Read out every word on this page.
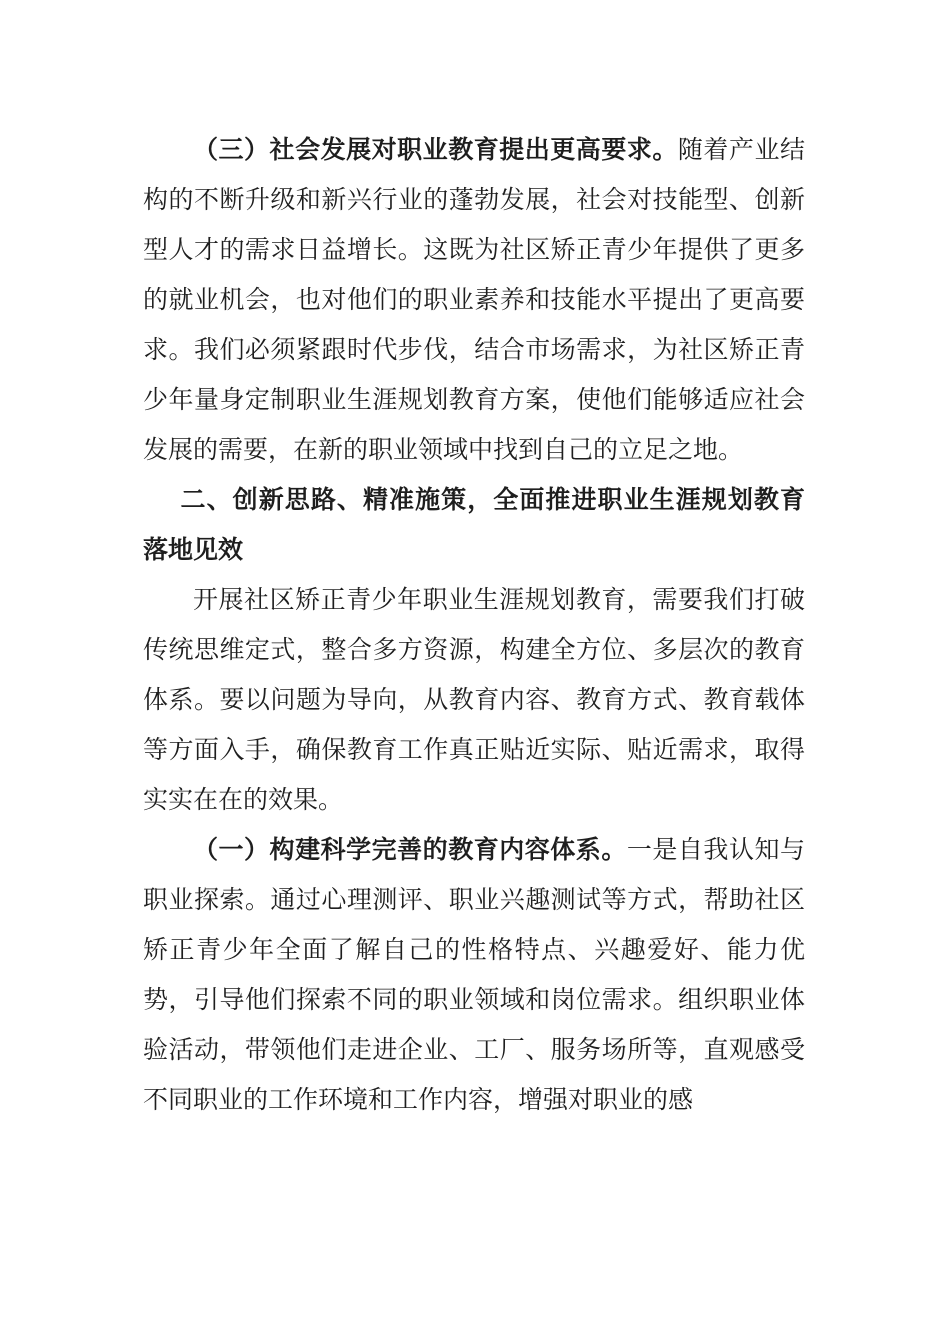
（三）社会发展对职业教育提出更高要求。随着产业结构的不断升级和新兴行业的蓬勃发展，社会对技能型、创新型人才的需求日益增长。这既为社区矫正青少年提供了更多的就业机会，也对他们的职业素养和技能水平提出了更高要求。我们必须紧跟时代步伐，结合市场需求，为社区矫正青少年量身定制职业生涯规划教育方案，使他们能够适应社会发展的需要，在新的职业领域中找到自己的立足之地。

二、创新思路、精准施策，全面推进职业生涯规划教育落地见效

开展社区矫正青少年职业生涯规划教育，需要我们打破传统思维定式，整合多方资源，构建全方位、多层次的教育体系。要以问题为导向，从教育内容、教育方式、教育载体等方面入手，确保教育工作真正贴近实际、贴近需求，取得实实在在的效果。

（一）构建科学完善的教育内容体系。一是自我认知与职业探索。通过心理测评、职业兴趣测试等方式，帮助社区矫正青少年全面了解自己的性格特点、兴趣爱好、能力优势，引导他们探索不同的职业领域和岗位需求。组织职业体验活动，带领他们走进企业、工厂、服务场所等，直观感受不同职业的工作环境和工作内容，增强对职业的感
